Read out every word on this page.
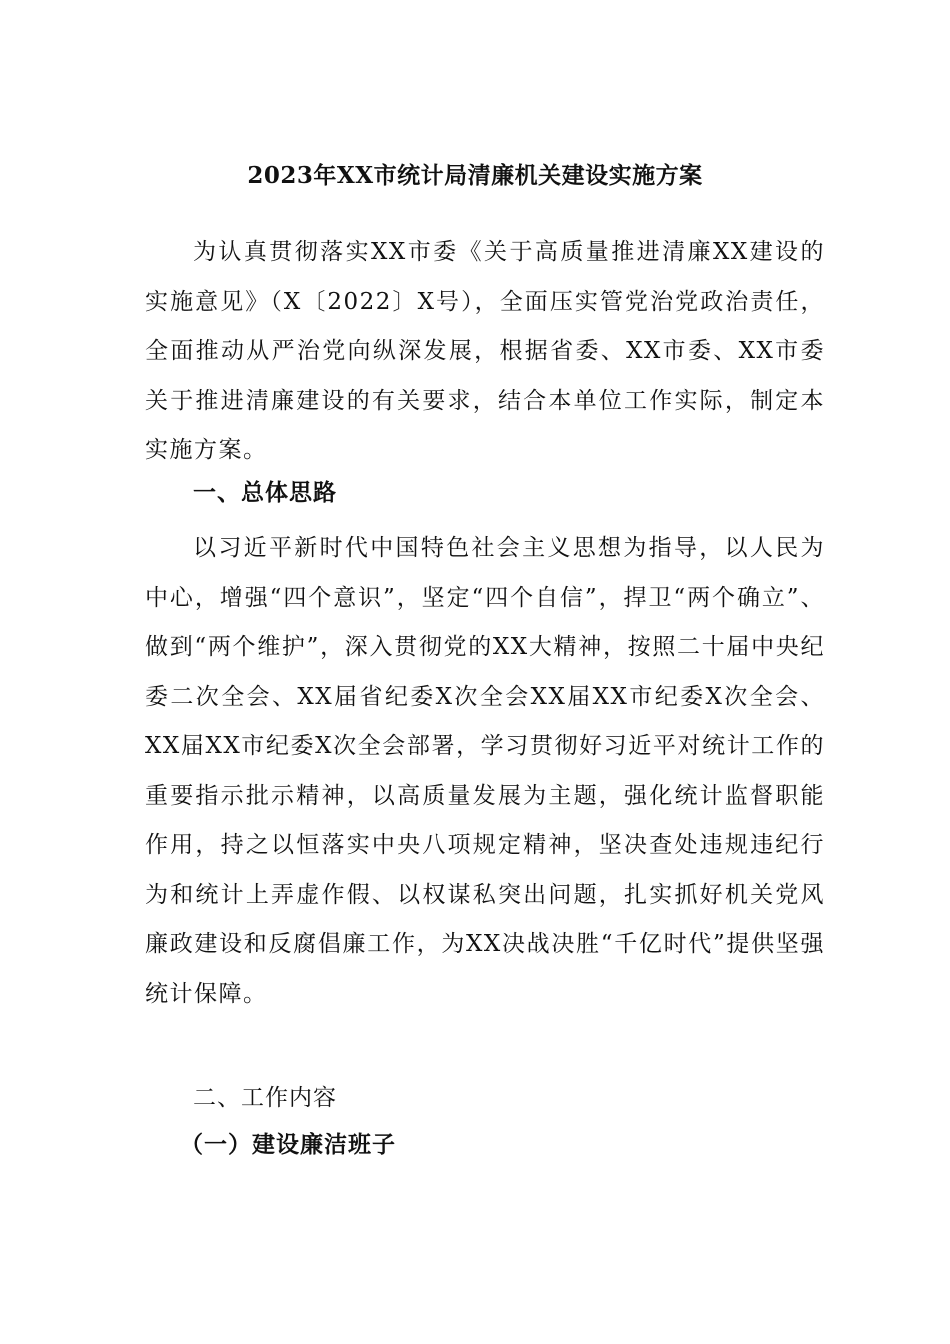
2023年XX市统计局清廉机关建设实施方案

为认真贯彻落实XX市委《关于高质量推进清廉XX建设的实施意见》（X〔2022〕X号），全面压实管党治党政治责任，全面推动从严治党向纵深发展，根据省委、XX市委、XX市委关于推进清廉建设的有关要求，结合本单位工作实际，制定本实施方案。

一、总体思路

以习近平新时代中国特色社会主义思想为指导，以人民为中心，增强“四个意识”，坚定“四个自信”，捍卫“两个确立”、做到“两个维护”，深入贯彻党的XX大精神，按照二十届中央纪委二次全会、XX届省纪委X次全会XX届XX市纪委X次全会、XX届XX市纪委X次全会部署，学习贯彻好习近平对统计工作的重要指示批示精神，以高质量发展为主题，强化统计监督职能作用，持之以恒落实中央八项规定精神，坚决查处违规违纪行为和统计上弄虚作假、以权谋私突出问题，扎实抓好机关党风廉政建设和反腐倡廉工作，为XX决战决胜“千亿时代”提供坚强统计保障。

二、工作内容
（一）建设廉洁班子
